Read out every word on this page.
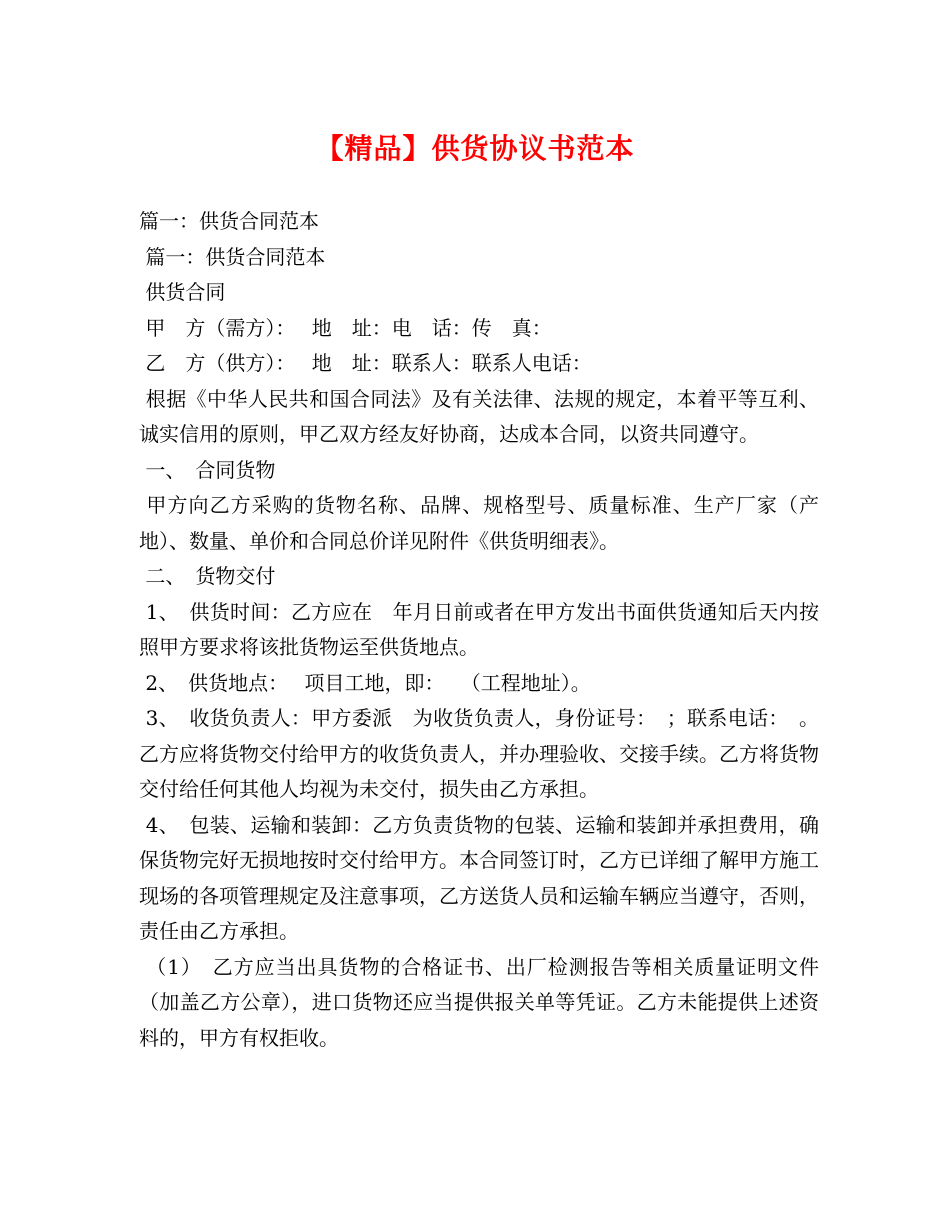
【精品】供货协议书范本
篇一：供货合同范本
篇一：供货合同范本
供货合同
甲　方（需方）：　 地　址：电　话：传　真：
乙　方（供方）：　 地　址：联系人：联系人电话：
根据《中华人民共和国合同法》及有关法律、法规的规定，本着平等互利、诚实信用的原则，甲乙双方经友好协商，达成本合同，以资共同遵守。
一、　合同货物
甲方向乙方采购的货物名称、品牌、规格型号、质量标准、生产厂家（产地）、数量、单价和合同总价详见附件《供货明细表》。
二、　货物交付
1、　供货时间：乙方应在　年月日前或者在甲方发出书面供货通知后天内按照甲方要求将该批货物运至供货地点。
2、　供货地点：　 项目工地，即：　 （工程地址）。
3、　收货负责人：甲方委派　为收货负责人，身份证号：　；联系电话：　。乙方应将货物交付给甲方的收货负责人，并办理验收、交接手续。乙方将货物交付给任何其他人均视为未交付，损失由乙方承担。
4、　包装、运输和装卸：乙方负责货物的包装、运输和装卸并承担费用，确保货物完好无损地按时交付给甲方。本合同签订时，乙方已详细了解甲方施工现场的各项管理规定及注意事项，乙方送货人员和运输车辆应当遵守，否则，责任由乙方承担。
（1）　乙方应当出具货物的合格证书、出厂检测报告等相关质量证明文件（加盖乙方公章），进口货物还应当提供报关单等凭证。乙方未能提供上述资料的，甲方有权拒收。
